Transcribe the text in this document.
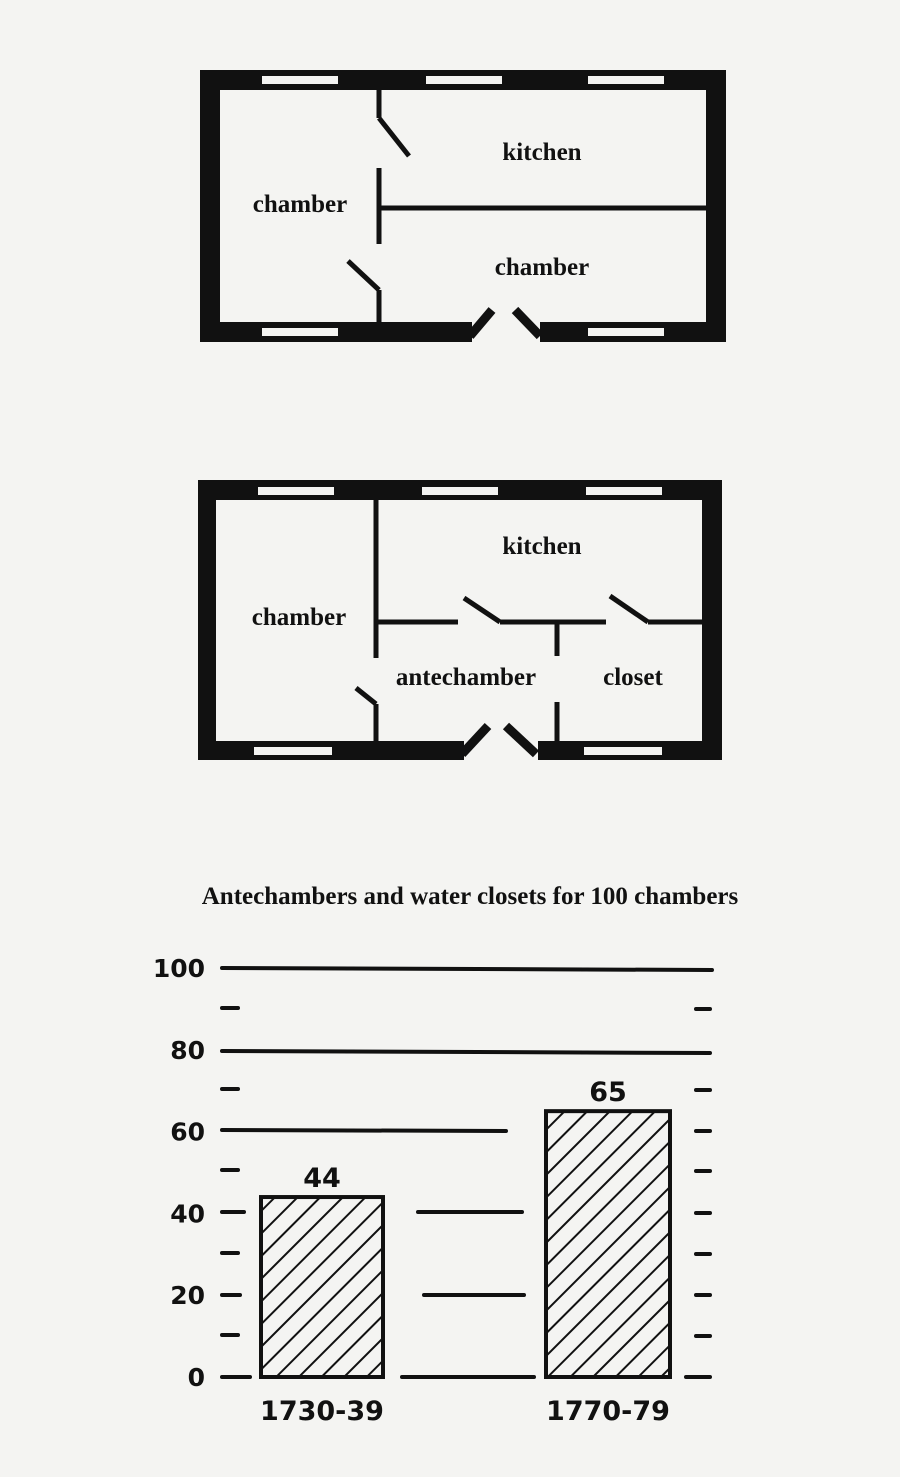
chamber
kitchen
chamber
chamber
kitchen
antechamber	closet
Antechambers and water closets for 100 chambers
0
20
40
60
80
100
44
1730-39
65
1770-79
